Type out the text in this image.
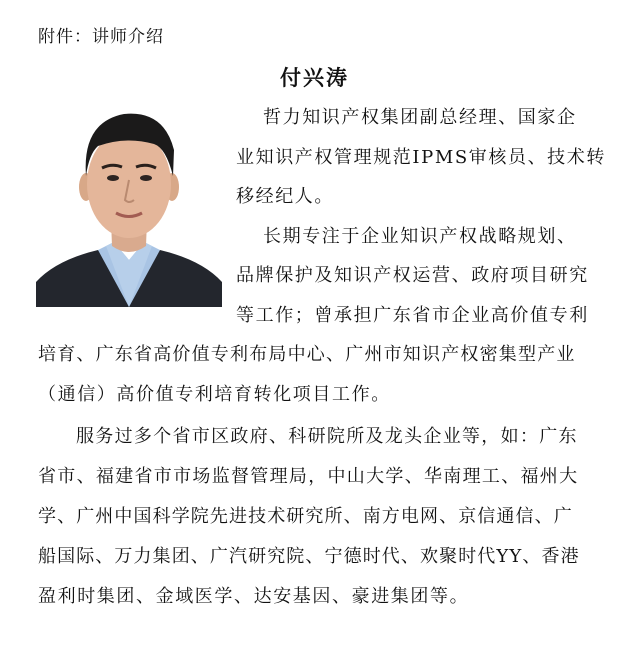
附件：讲师介绍
付兴涛
哲力知识产权集团副总经理、国家企
业知识产权管理规范IPMS审核员、技术转
移经纪人。
长期专注于企业知识产权战略规划、
品牌保护及知识产权运营、政府项目研究
等工作；曾承担广东省市企业高价值专利
培育、广东省高价值专利布局中心、广州市知识产权密集型产业
（通信）高价值专利培育转化项目工作。
服务过多个省市区政府、科研院所及龙头企业等，如：广东
省市、福建省市市场监督管理局，中山大学、华南理工、福州大
学、广州中国科学院先进技术研究所、南方电网、京信通信、广
船国际、万力集团、广汽研究院、宁德时代、欢聚时代YY、香港
盈利时集团、金域医学、达安基因、豪进集团等。
